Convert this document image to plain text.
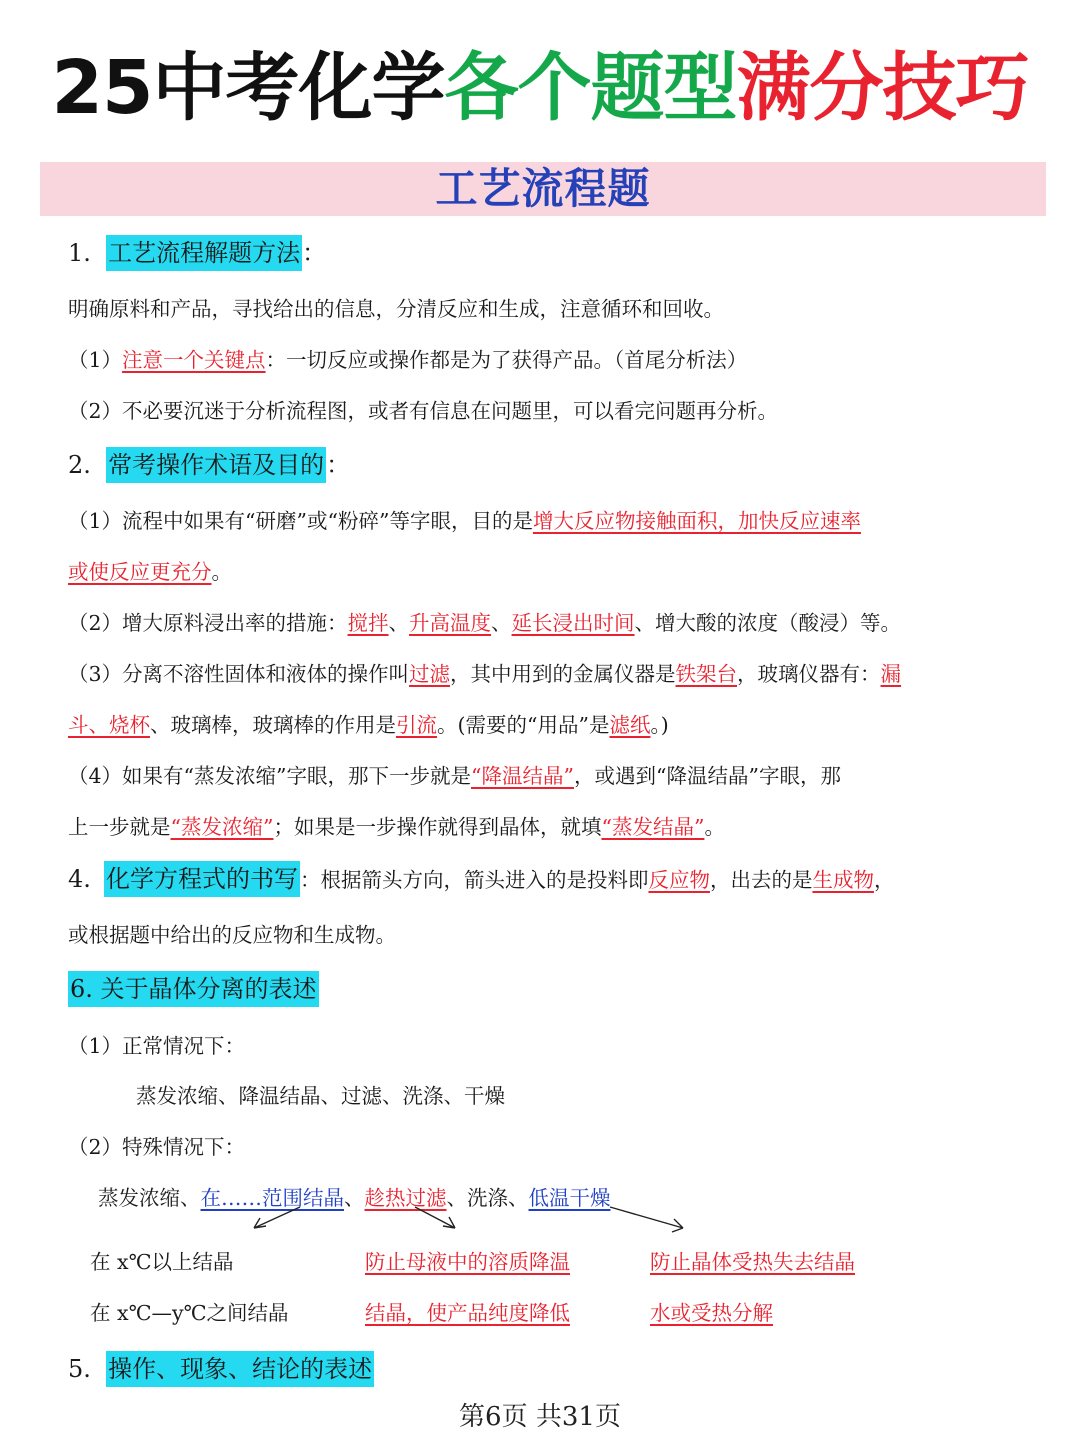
25中考化学各个题型满分技巧
工艺流程题
1. 工艺流程解题方法：
明确原料和产品，寻找给出的信息，分清反应和生成，注意循环和回收。
（1）注意一个关键点：一切反应或操作都是为了获得产品。（首尾分析法）
（2）不必要沉迷于分析流程图，或者有信息在问题里，可以看完问题再分析。
2. 常考操作术语及目的：
（1）流程中如果有“研磨”或“粉碎”等字眼，目的是增大反应物接触面积，加快反应速率
或使反应更充分。
（2）增大原料浸出率的措施：搅拌、升高温度、延长浸出时间、增大酸的浓度（酸浸）等。
（3）分离不溶性固体和液体的操作叫过滤，其中用到的金属仪器是铁架台，玻璃仪器有：漏
斗、烧杯、玻璃棒，玻璃棒的作用是引流。(需要的“用品”是滤纸。)
（4）如果有“蒸发浓缩”字眼，那下一步就是“降温结晶”，或遇到“降温结晶”字眼，那
上一步就是“蒸发浓缩”；如果是一步操作就得到晶体，就填“蒸发结晶”。
4. 化学方程式的书写：根据箭头方向，箭头进入的是投料即反应物，出去的是生成物，
或根据题中给出的反应物和生成物。
6. 关于晶体分离的表述
（1）正常情况下：
蒸发浓缩、降温结晶、过滤、洗涤、干燥
（2）特殊情况下：
蒸发浓缩、在……范围结晶、趁热过滤、洗涤、低温干燥
在 x℃以上结晶	防止母液中的溶质降温	防止晶体受热失去结晶
在 x℃—y℃之间结晶	结晶，使产品纯度降低	水或受热分解
5. 操作、现象、结论的表述
第6页 共31页
